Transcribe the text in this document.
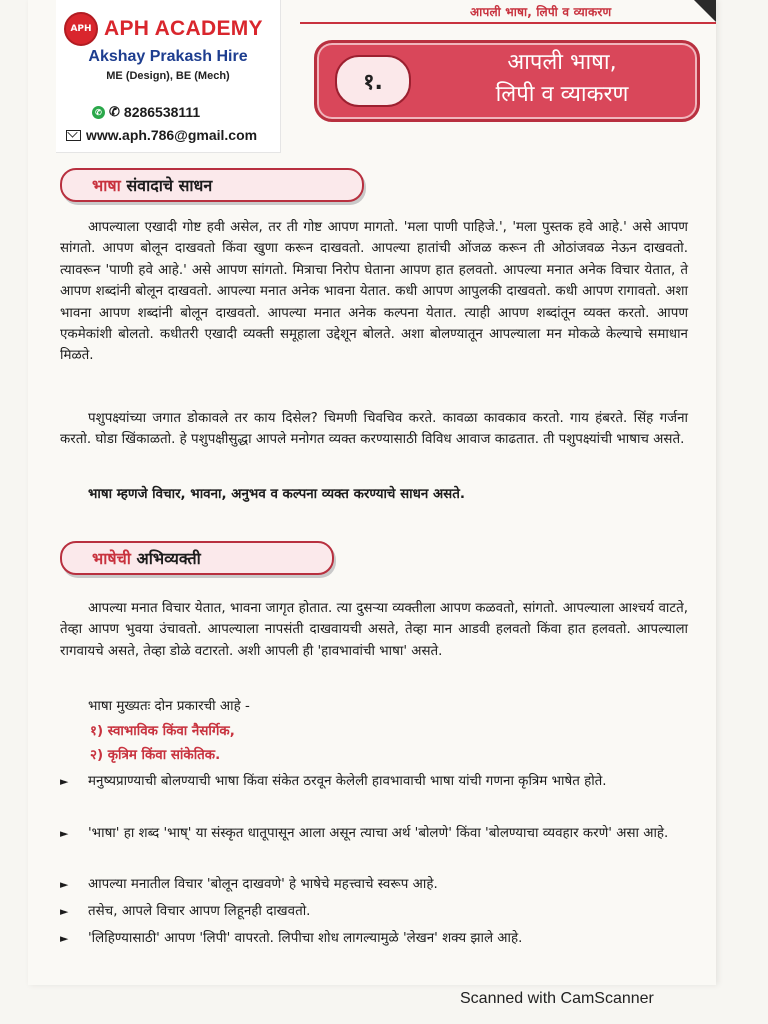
आपली भाषा, लिपी व व्याकरण
APH APH ACADEMY
Akshay Prakash Hire
ME (Design), BE (Mech)
✆ ✆ 8286538111
www.aph.786@gmail.com
१.
आपली भाषा,
लिपी व व्याकरण
भाषा संवादाचे साधन

आपल्याला एखादी गोष्ट हवी असेल, तर ती गोष्ट आपण मागतो. 'मला पाणी पाहिजे.', 'मला पुस्तक हवे आहे.' असे आपण सांगतो. आपण बोलून दाखवतो किंवा खुणा करून दाखवतो. आपल्या हातांची ओंजळ करून ती ओठांजवळ नेऊन दाखवतो. त्यावरून 'पाणी हवे आहे.' असे आपण सांगतो. मित्राचा निरोप घेताना आपण हात हलवतो. आपल्या मनात अनेक विचार येतात, ते आपण शब्दांनी बोलून दाखवतो. आपल्या मनात अनेक भावना येतात. कधी आपण आपुलकी दाखवतो. कधी आपण रागावतो. अशा भावना आपण शब्दांनी बोलून दाखवतो. आपल्या मनात अनेक कल्पना येतात. त्याही आपण शब्दांतून व्यक्त करतो. आपण एकमेकांशी बोलतो. कधीतरी एखादी व्यक्ती समूहाला उद्देशून बोलते. अशा बोलण्यातून आपल्याला मन मोकळे केल्याचे समाधान मिळते.

पशुपक्ष्यांच्या जगात डोकावले तर काय दिसेल? चिमणी चिवचिव करते. कावळा कावकाव करतो. गाय हंबरते. सिंह गर्जना करतो. घोडा खिंकाळतो. हे पशुपक्षीसुद्धा आपले मनोगत व्यक्त करण्यासाठी विविध आवाज काढतात. ती पशुपक्ष्यांची भाषाच असते.

भाषा म्हणजे विचार, भावना, अनुभव व कल्पना व्यक्त करण्याचे साधन असते.

भाषेची अभिव्यक्ती

आपल्या मनात विचार येतात, भावना जागृत होतात. त्या दुसऱ्या व्यक्तीला आपण कळवतो, सांगतो. आपल्याला आश्चर्य वाटते, तेव्हा आपण भुवया उंचावतो. आपल्याला नापसंती दाखवायची असते, तेव्हा मान आडवी हलवतो किंवा हात हलवतो. आपल्याला रागवायचे असते, तेव्हा डोळे वटारतो. अशी आपली ही 'हावभावांची भाषा' असते.

भाषा मुख्यतः दोन प्रकारची आहे -

१) स्वाभाविक किंवा नैसर्गिक,
२) कृत्रिम किंवा सांकेतिक.
►	मनुष्यप्राण्याची बोलण्याची भाषा किंवा संकेत ठरवून केलेली हावभावाची भाषा यांची गणना कृत्रिम भाषेत होते.
►	'भाषा' हा शब्द 'भाष्' या संस्कृत धातूपासून आला असून त्याचा अर्थ 'बोलणे' किंवा 'बोलण्याचा व्यवहार करणे' असा आहे.
►	आपल्या मनातील विचार 'बोलून दाखवणे' हे भाषेचे महत्त्वाचे स्वरूप आहे.
►	तसेच, आपले विचार आपण लिहूनही दाखवतो.
►	'लिहिण्यासाठी' आपण 'लिपी' वापरतो. लिपीचा शोध लागल्यामुळे 'लेखन' शक्य झाले आहे.
Scanned with CamScanner
